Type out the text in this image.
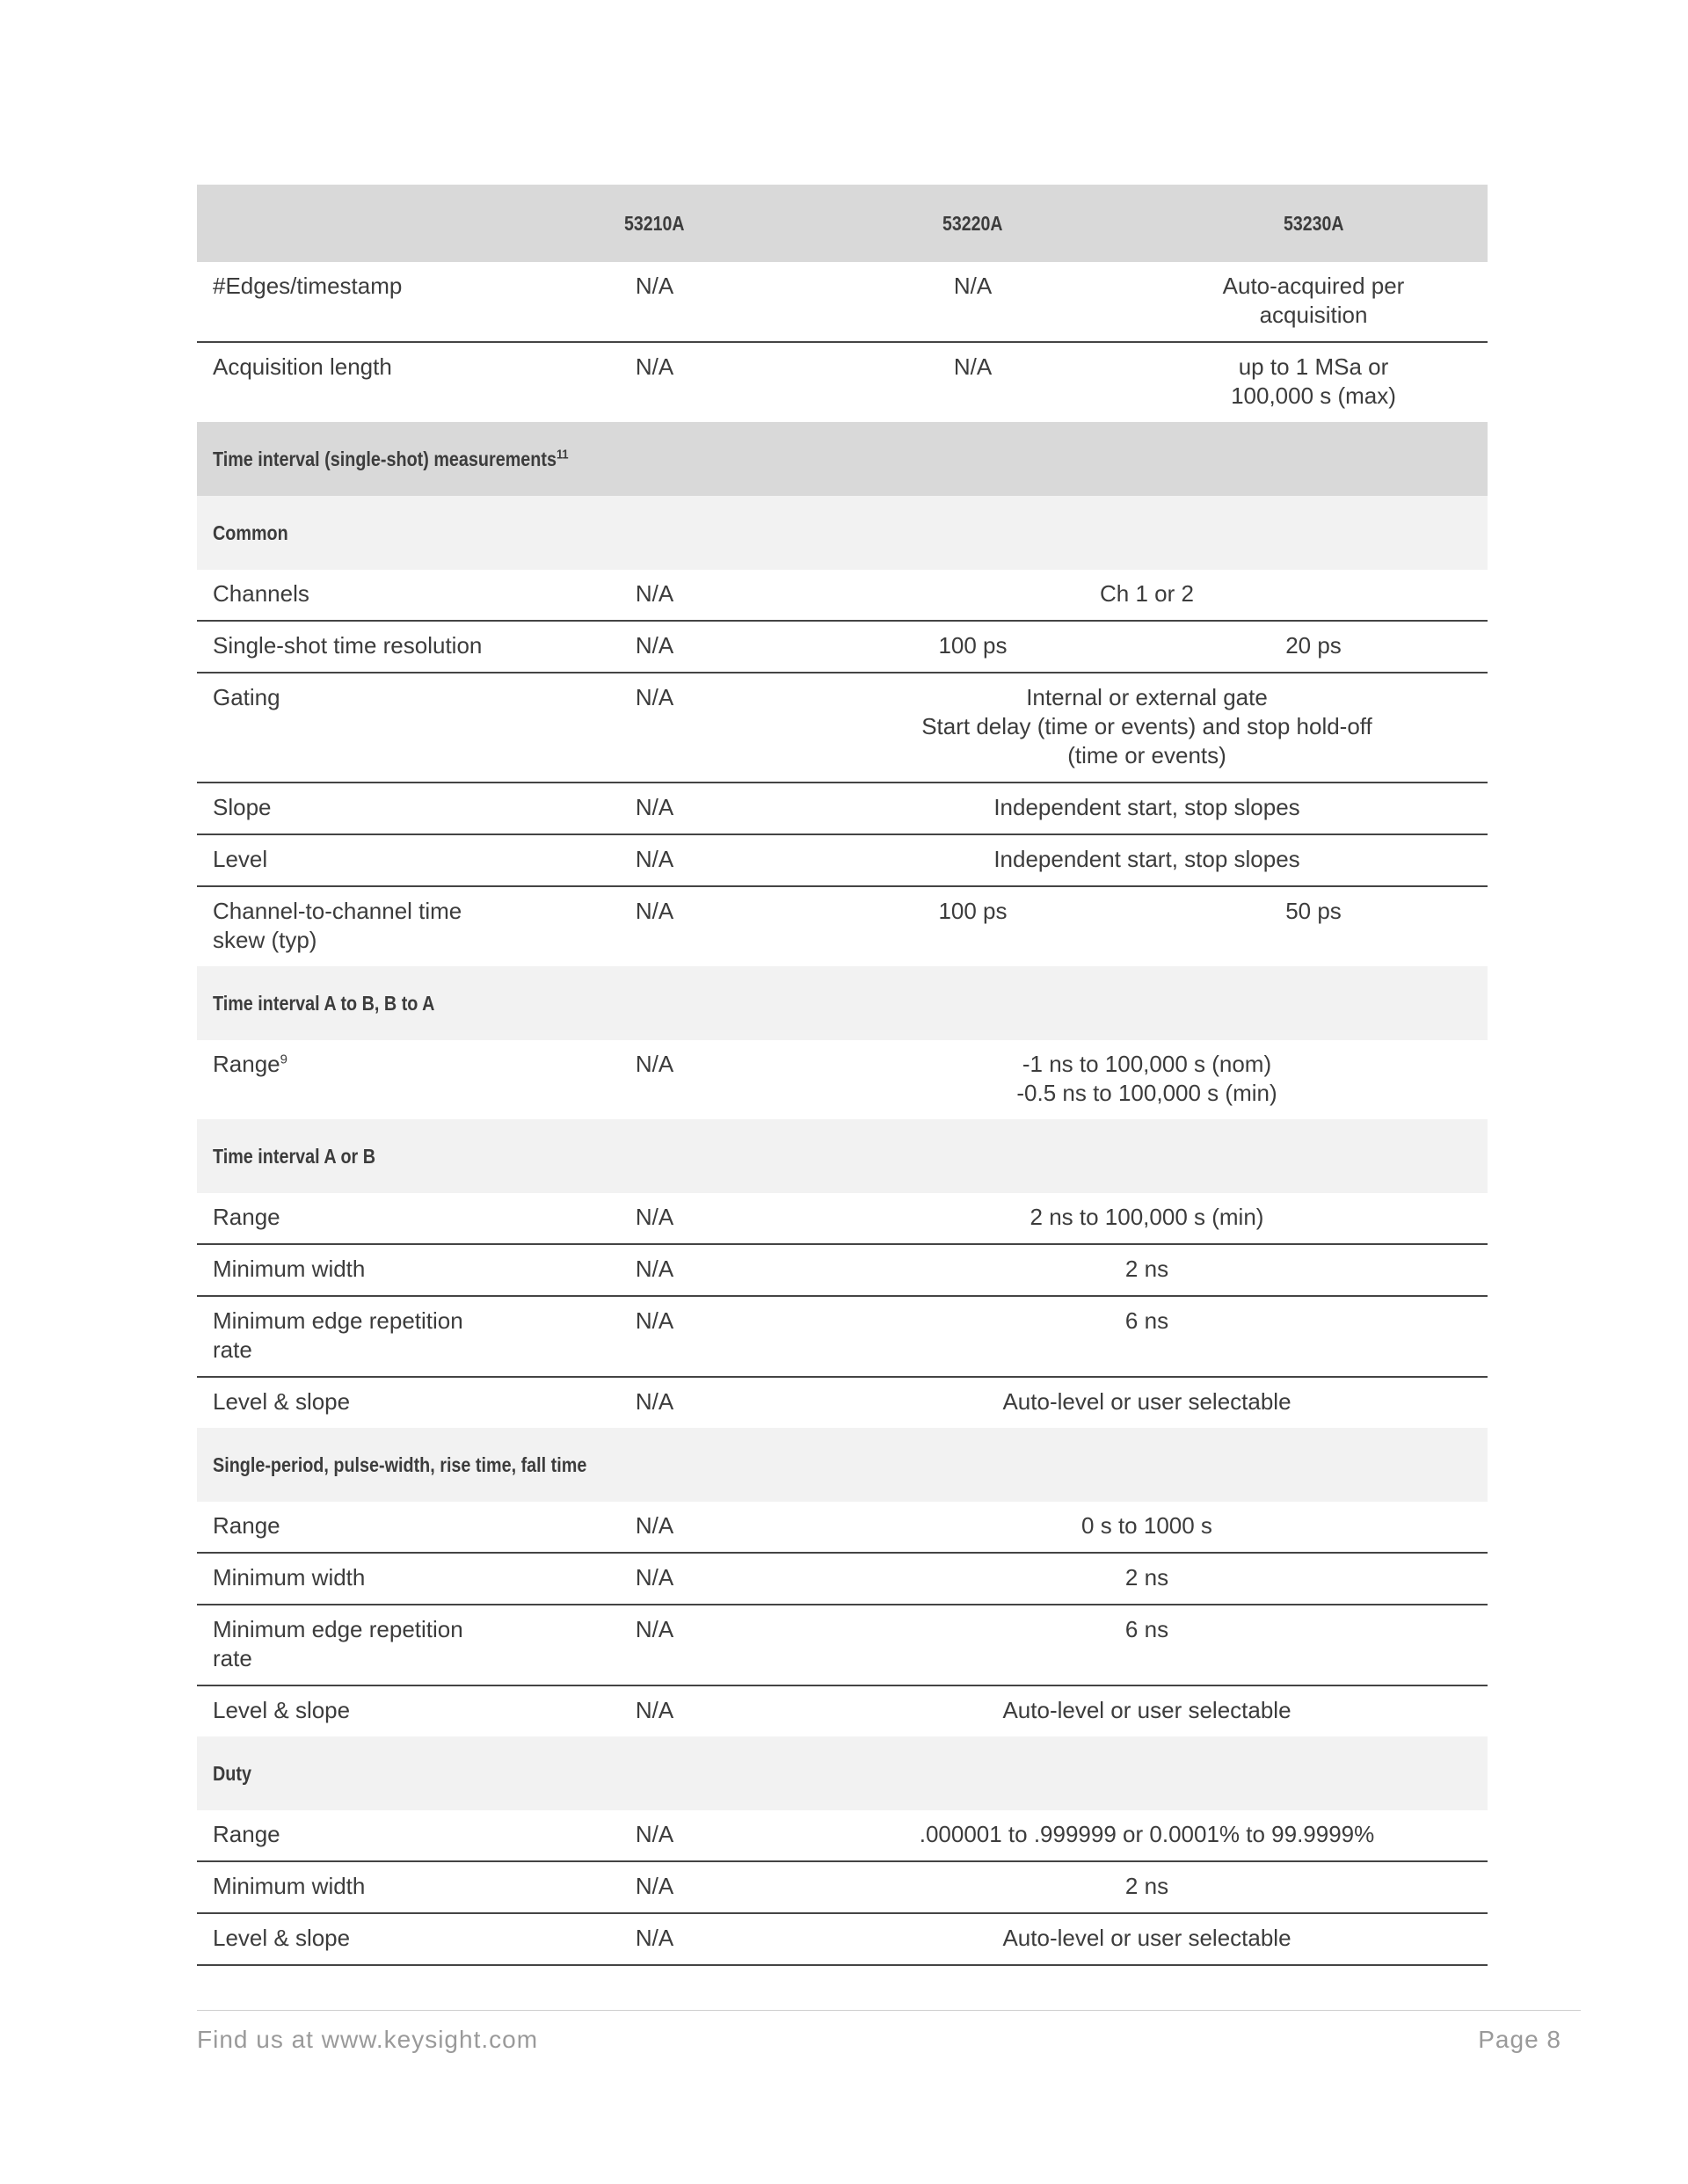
	53210A	53220A	53230A
#Edges/timestamp	N/A	N/A	Auto-acquired per
acquisition

Acquisition length	N/A	N/A	up to 1 MSa or
100,000 s (max)

Time interval (single-shot) measurements$^{11}$
Common			
Channels	N/A	Ch 1 or 2	
Single-shot time resolution	N/A	100 ps	20 ps
Gating	N/A	Internal or external gate
Start delay (time or events) and stop hold-off
(time or events)	

Slope	N/A	Independent start, stop slopes	
Level	N/A	Independent start, stop slopes	

Channel-to-channel time
skew (typ)	N/A	100 ps	50 ps
Time interval A to B, B to A			
Range$^9$	N/A	-1 ns to 100,000 s (nom)
-0.5 ns to 100,000 s (min)	

Time interval A or B			
Range	N/A	2 ns to 100,000 s (min)	
Minimum width	N/A	2 ns	
Minimum edge repetition rate	N/A	6 ns	
Level & slope	N/A	Auto-level or user selectable	
Single-period, pulse-width, rise time, fall time			
Range	N/A	0 s to 1000 s	
Minimum width	N/A	2 ns	
Minimum edge repetition rate	N/A	6 ns	
Level & slope	N/A	Auto-level or user selectable	
Duty			
Range	N/A	.000001 to .999999 or 0.0001% to 99.9999%	
Minimum width	N/A	2 ns	
Level & slope	N/A	Auto-level or user selectable	
Find us at www.keysight.com	Page 8
